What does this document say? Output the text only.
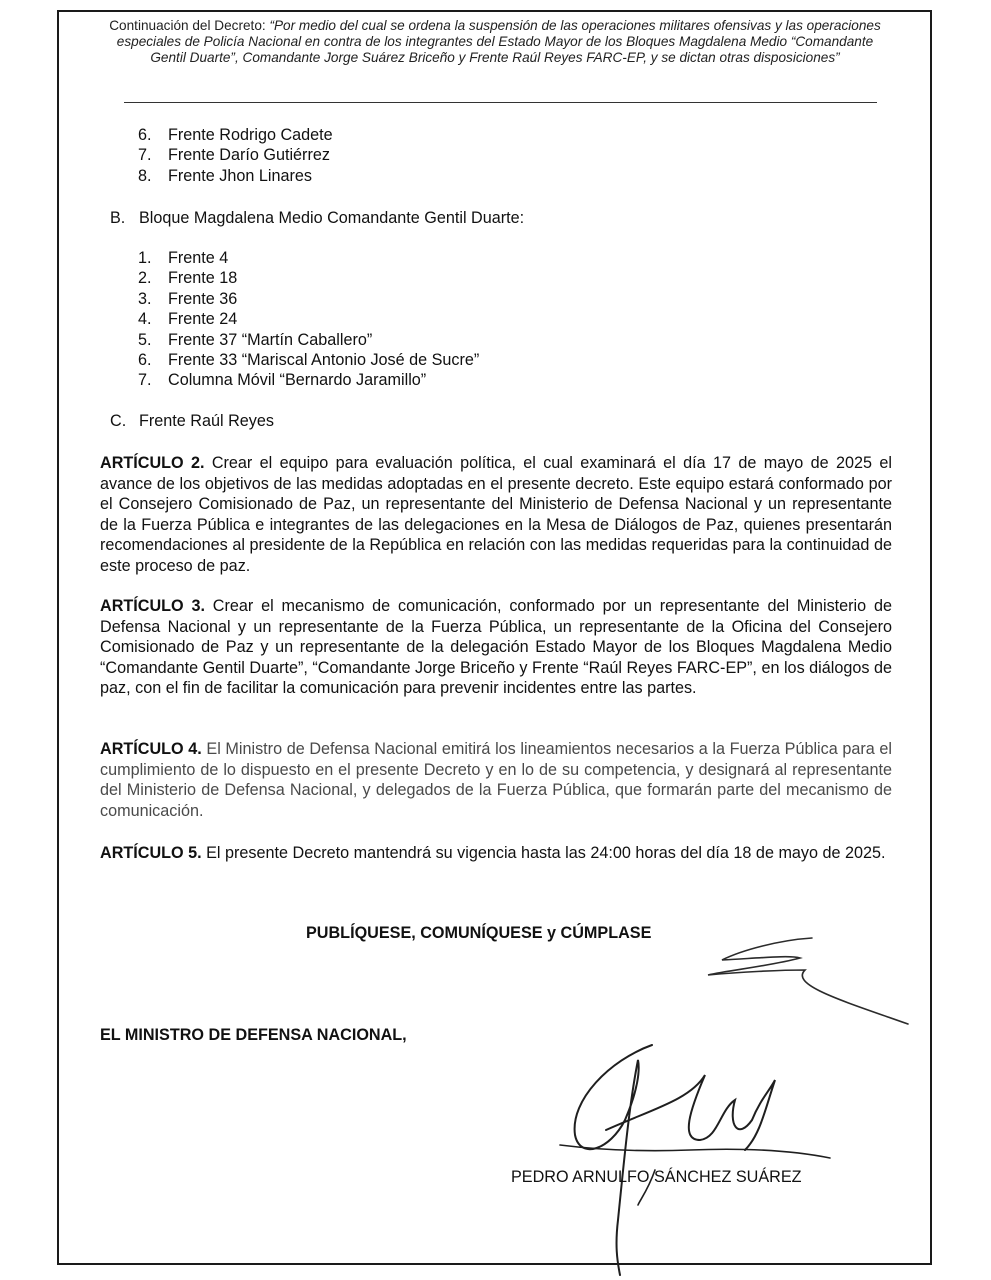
Continuación del Decreto: “Por medio del cual se ordena la suspensión de las operaciones militares ofensivas y las operaciones especiales de Policía Nacional en contra de los integrantes del Estado Mayor de los Bloques Magdalena Medio “Comandante Gentil Duarte”, Comandante Jorge Suárez Briceño y Frente Raúl Reyes FARC-EP, y se dictan otras disposiciones”
6. Frente Rodrigo Cadete
7. Frente Darío Gutiérrez
8. Frente Jhon Linares
B. Bloque Magdalena Medio Comandante Gentil Duarte:
1. Frente 4
2. Frente 18
3. Frente 36
4. Frente 24
5. Frente 37 “Martín Caballero”
6. Frente 33 “Mariscal Antonio José de Sucre”
7. Columna Móvil “Bernardo Jaramillo”
C. Frente Raúl Reyes
ARTÍCULO 2. Crear el equipo para evaluación política, el cual examinará el día 17 de mayo de 2025 el avance de los objetivos de las medidas adoptadas en el presente decreto. Este equipo estará conformado por el Consejero Comisionado de Paz, un representante del Ministerio de Defensa Nacional y un representante de la Fuerza Pública e integrantes de las delegaciones en la Mesa de Diálogos de Paz, quienes presentarán recomendaciones al presidente de la República en relación con las medidas requeridas para la continuidad de este proceso de paz.
ARTÍCULO 3. Crear el mecanismo de comunicación, conformado por un representante del Ministerio de Defensa Nacional y un representante de la Fuerza Pública, un representante de la Oficina del Consejero Comisionado de Paz y un representante de la delegación Estado Mayor de los Bloques Magdalena Medio “Comandante Gentil Duarte”, “Comandante Jorge Briceño y Frente “Raúl Reyes FARC-EP”, en los diálogos de paz, con el fin de facilitar la comunicación para prevenir incidentes entre las partes.
ARTÍCULO 4. El Ministro de Defensa Nacional emitirá los lineamientos necesarios a la Fuerza Pública para el cumplimiento de lo dispuesto en el presente Decreto y en lo de su competencia, y designará al representante del Ministerio de Defensa Nacional, y delegados de la Fuerza Pública, que formarán parte del mecanismo de comunicación.
ARTÍCULO 5. El presente Decreto mantendrá su vigencia hasta las 24:00 horas del día 18 de mayo de 2025.
PUBLÍQUESE, COMUNÍQUESE y CÚMPLASE
EL MINISTRO DE DEFENSA NACIONAL,
PEDRO ARNULFO SÁNCHEZ SUÁREZ
